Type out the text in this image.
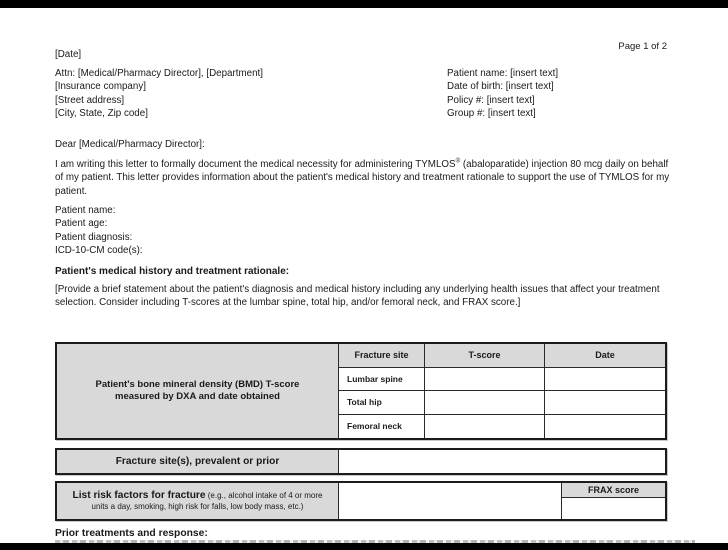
Page 1 of 2
[Date]
Attn: [Medical/Pharmacy Director], [Department]
[Insurance company]
[Street address]
[City, State, Zip code]
Patient name: [insert text]
Date of birth: [insert text]
Policy #: [insert text]
Group #: [insert text]
Dear [Medical/Pharmacy Director]:

I am writing this letter to formally document the medical necessity for administering TYMLOS® (abaloparatide) injection 80 mcg daily on behalf of my patient. This letter provides information about the patient's medical history and treatment rationale to support the use of TYMLOS for my patient.

Patient name:
Patient age:
Patient diagnosis:
ICD-10-CM code(s):
Patient's medical history and treatment rationale:
[Provide a brief statement about the patient's diagnosis and medical history including any underlying health issues that affect your treatment selection. Consider including T-scores at the lumbar spine, total hip, and/or femoral neck, and FRAX score.]
Patient's bone mineral density (BMD) T-score measured by DXA and date obtained
Fracture site	T-score	Date
Lumbar spine
Total hip
Femoral neck
Fracture site(s), prevalent or prior
List risk factors for fracture (e.g., alcohol intake of 4 or more units a day, smoking, high risk for falls, low body mass, etc.)
FRAX score
Prior treatments and response:
